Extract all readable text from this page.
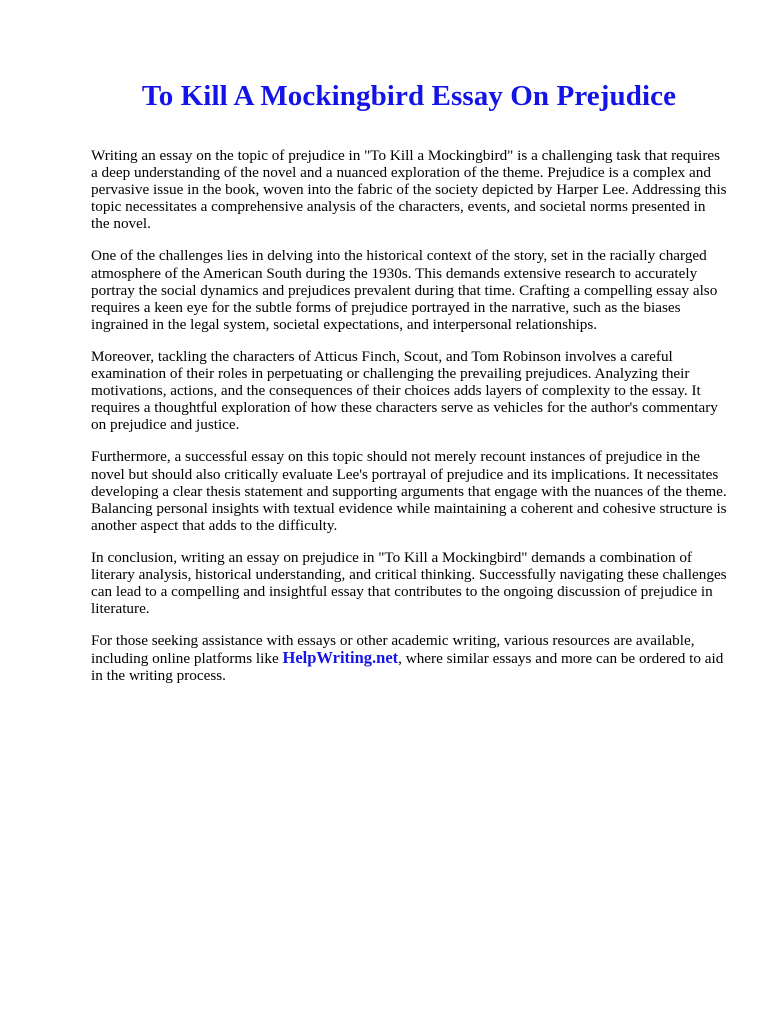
To Kill A Mockingbird Essay On Prejudice

Writing an essay on the topic of prejudice in "To Kill a Mockingbird" is a challenging task that requires a deep understanding of the novel and a nuanced exploration of the theme. Prejudice is a complex and pervasive issue in the book, woven into the fabric of the society depicted by Harper Lee. Addressing this topic necessitates a comprehensive analysis of the characters, events, and societal norms presented in the novel.

One of the challenges lies in delving into the historical context of the story, set in the racially charged atmosphere of the American South during the 1930s. This demands extensive research to accurately portray the social dynamics and prejudices prevalent during that time. Crafting a compelling essay also requires a keen eye for the subtle forms of prejudice portrayed in the narrative, such as the biases ingrained in the legal system, societal expectations, and interpersonal relationships.

Moreover, tackling the characters of Atticus Finch, Scout, and Tom Robinson involves a careful examination of their roles in perpetuating or challenging the prevailing prejudices. Analyzing their motivations, actions, and the consequences of their choices adds layers of complexity to the essay. It requires a thoughtful exploration of how these characters serve as vehicles for the author's commentary on prejudice and justice.

Furthermore, a successful essay on this topic should not merely recount instances of prejudice in the novel but should also critically evaluate Lee's portrayal of prejudice and its implications. It necessitates developing a clear thesis statement and supporting arguments that engage with the nuances of the theme. Balancing personal insights with textual evidence while maintaining a coherent and cohesive structure is another aspect that adds to the difficulty.

In conclusion, writing an essay on prejudice in "To Kill a Mockingbird" demands a combination of literary analysis, historical understanding, and critical thinking. Successfully navigating these challenges can lead to a compelling and insightful essay that contributes to the ongoing discussion of prejudice in literature.

For those seeking assistance with essays or other academic writing, various resources are available, including online platforms like HelpWriting.net, where similar essays and more can be ordered to aid in the writing process.
